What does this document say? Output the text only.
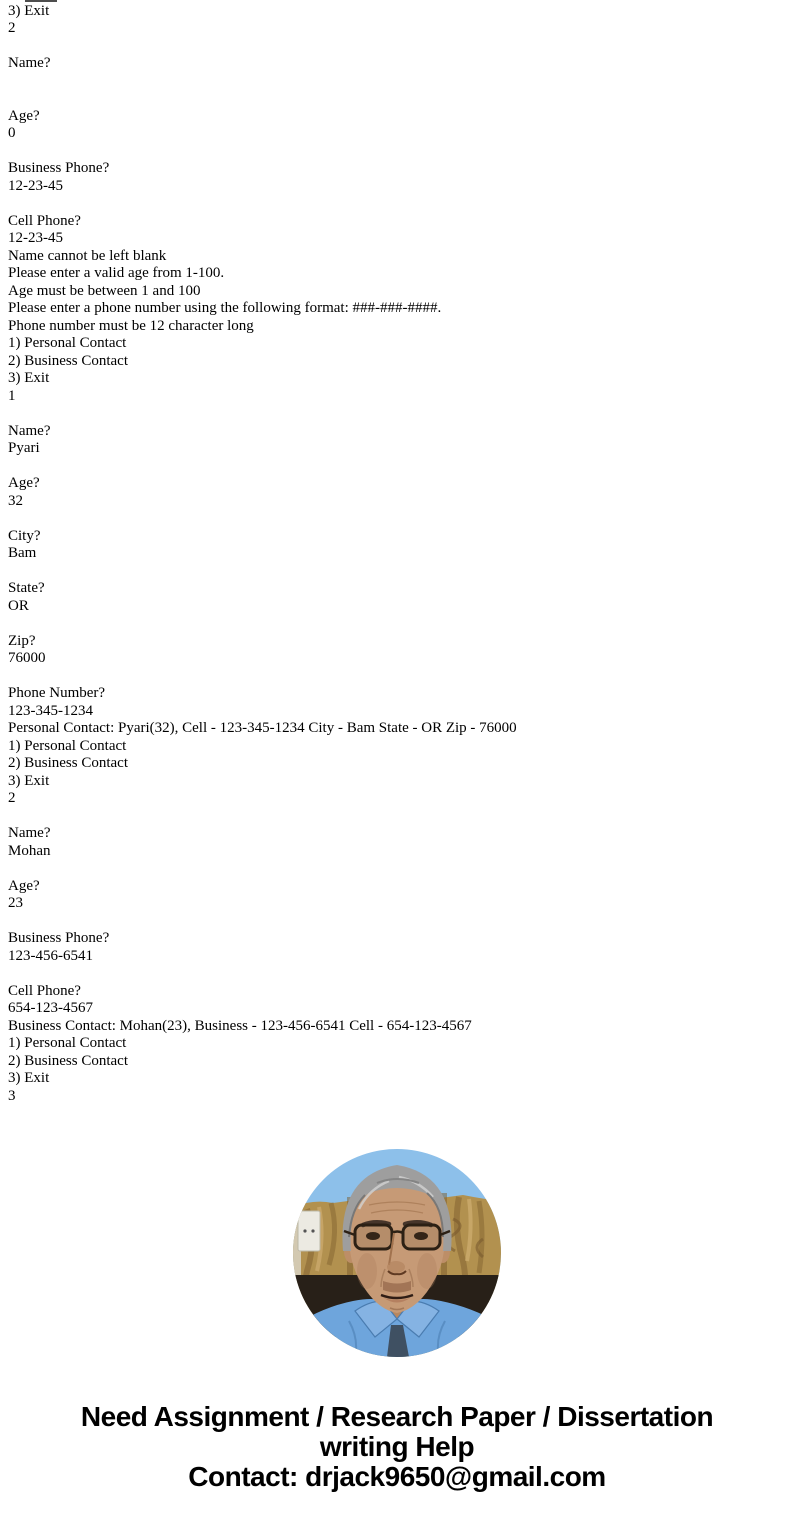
3) Exit
2
Name?
Age?
0
Business Phone?
12-23-45
Cell Phone?
12-23-45
Name cannot be left blank
Please enter a valid age from 1-100.
Age must be between 1 and 100
Please enter a phone number using the following format: ###-###-####.
Phone number must be 12 character long
1) Personal Contact
2) Business Contact
3) Exit
1
Name?
Pyari
Age?
32
City?
Bam
State?
OR
Zip?
76000
Phone Number?
123-345-1234
Personal Contact: Pyari(32), Cell - 123-345-1234 City - Bam State - OR Zip - 76000
1) Personal Contact
2) Business Contact
3) Exit
2
Name?
Mohan
Age?
23
Business Phone?
123-456-6541
Cell Phone?
654-123-4567
Business Contact: Mohan(23), Business - 123-456-6541 Cell - 654-123-4567
1) Personal Contact
2) Business Contact
3) Exit
3
Need Assignment / Research Paper / Dissertation
writing Help
Contact: drjack9650@gmail.com
